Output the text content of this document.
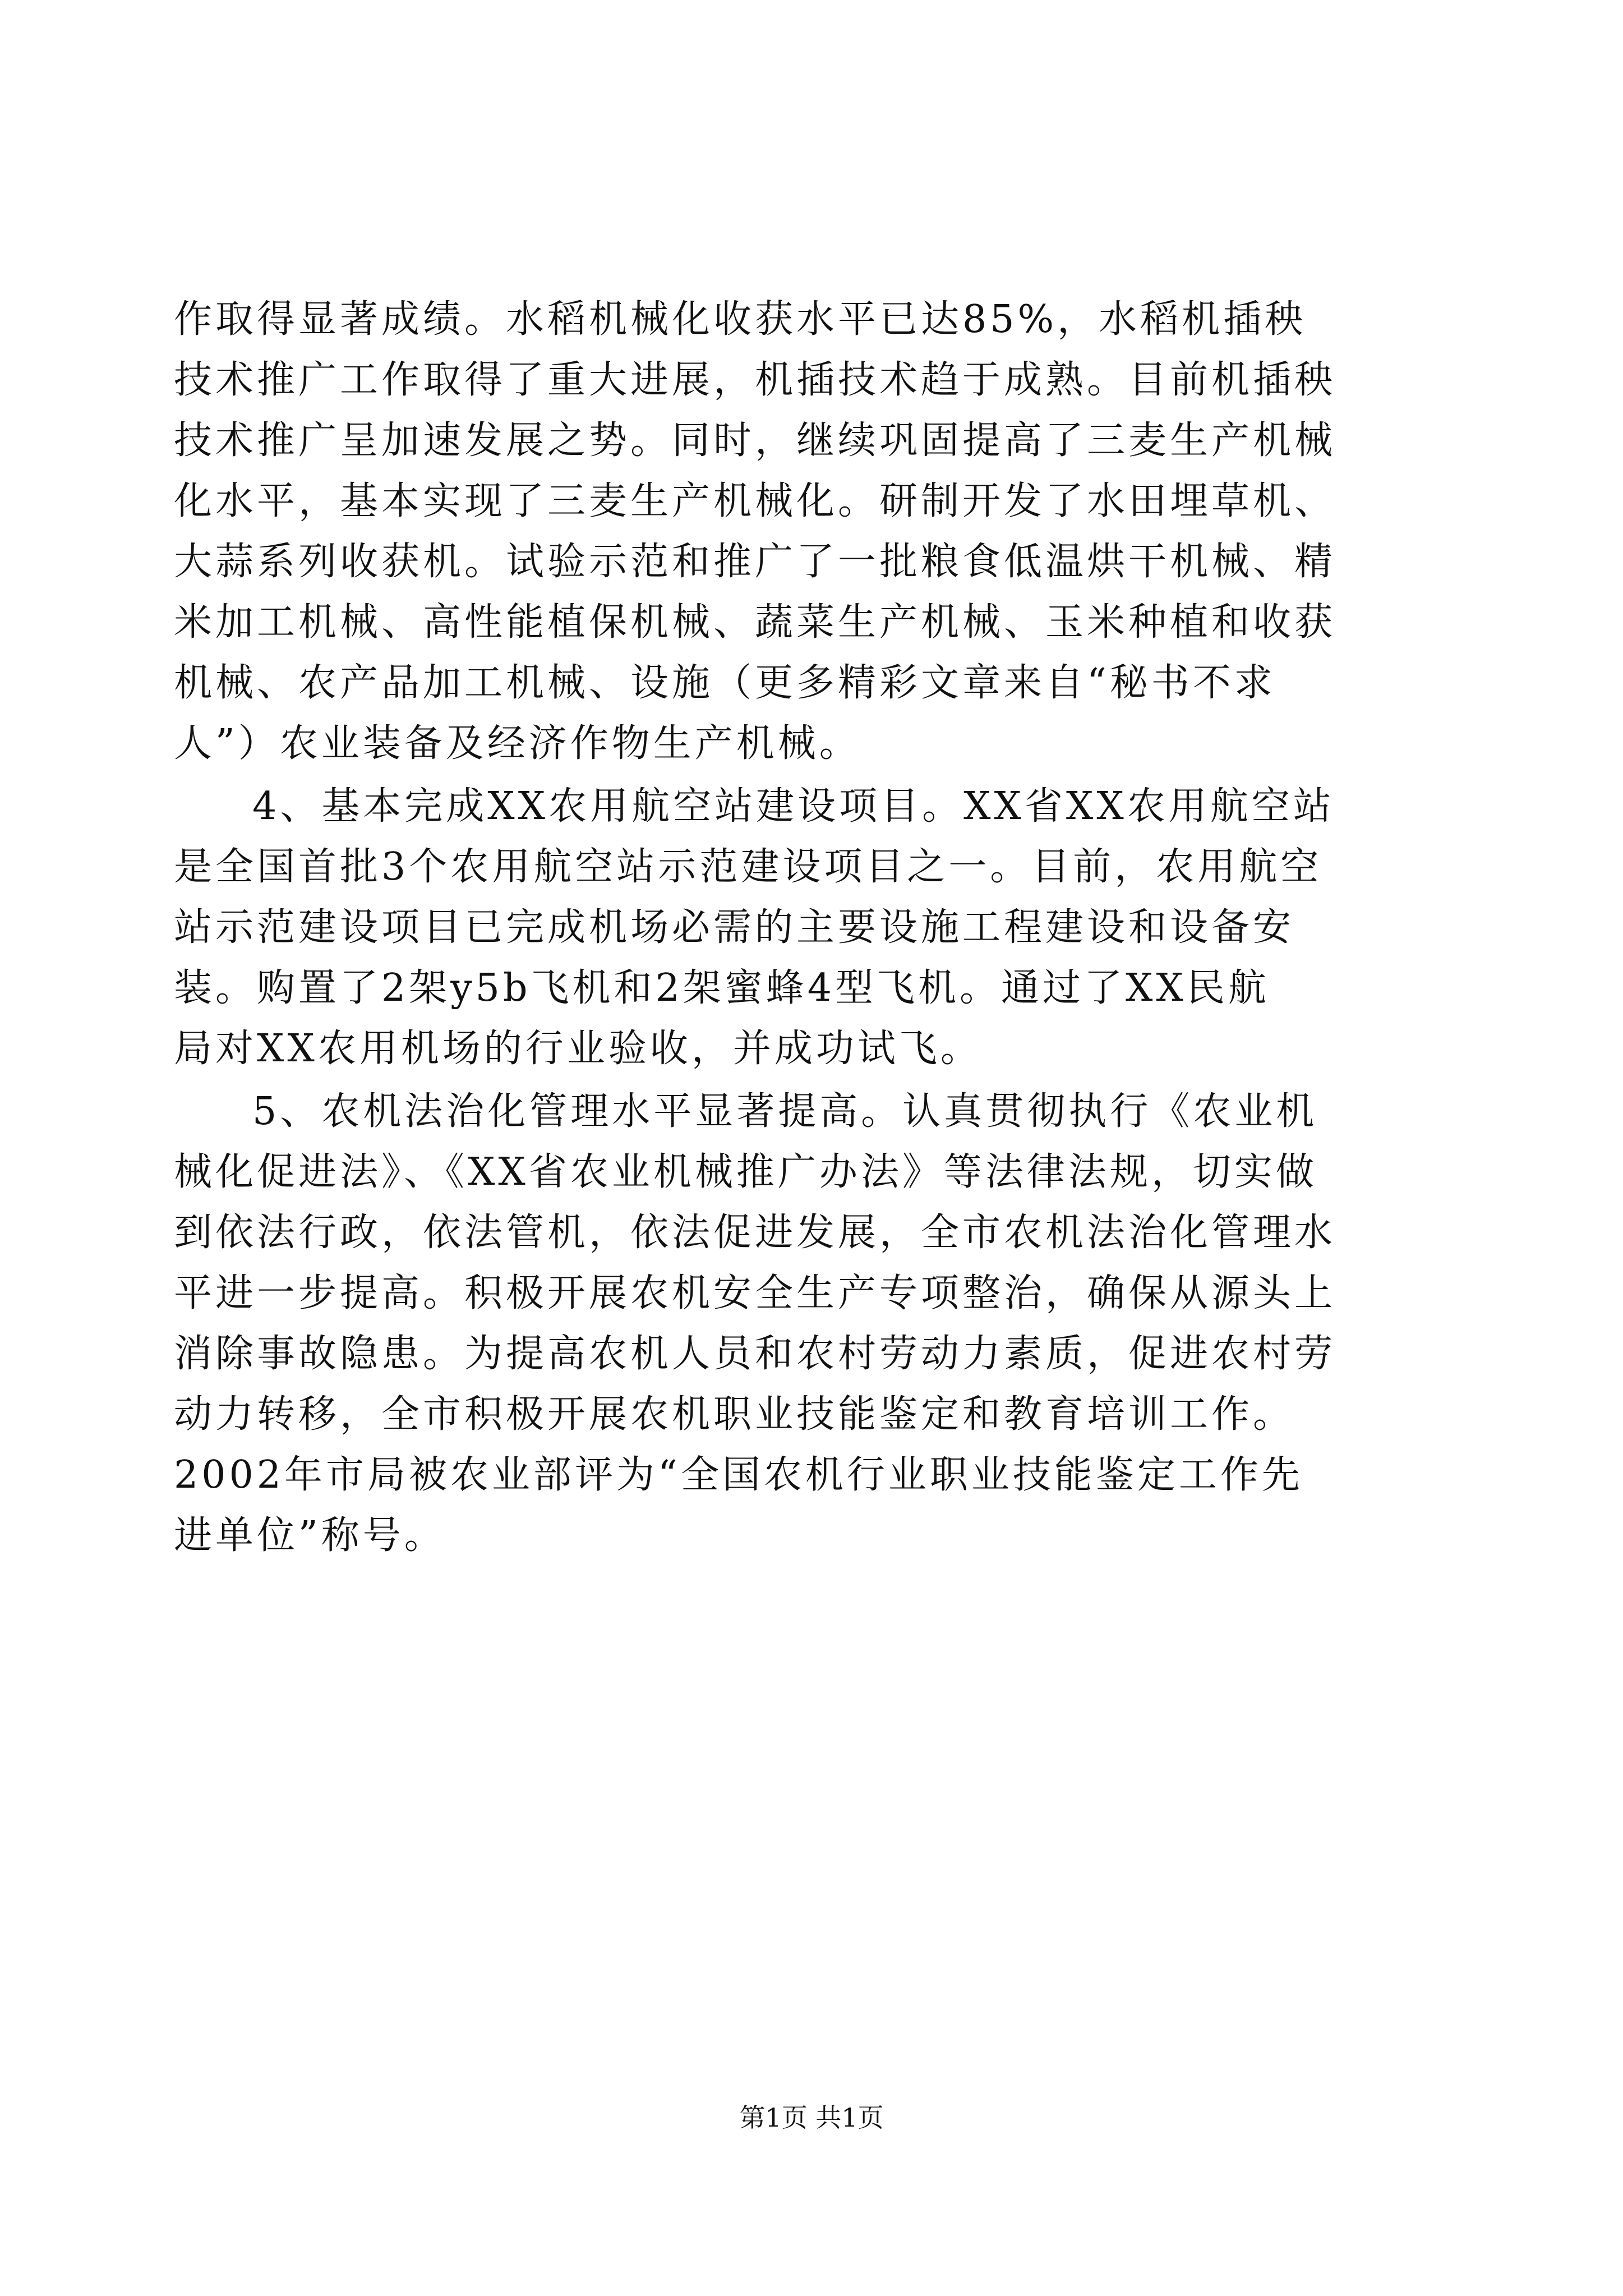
作取得显著成绩。水稻机械化收获水平已达85%，水稻机插秧
技术推广工作取得了重大进展，机插技术趋于成熟。目前机插秧
技术推广呈加速发展之势。同时，继续巩固提高了三麦生产机械
化水平，基本实现了三麦生产机械化。研制开发了水田埋草机、
大蒜系列收获机。试验示范和推广了一批粮食低温烘干机械、精
米加工机械、高性能植保机械、蔬菜生产机械、玉米种植和收获
机械、农产品加工机械、设施（更多精彩文章来自“秘书不求
人”）农业装备及经济作物生产机械。
4、基本完成XX农用航空站建设项目。XX省XX农用航空站
是全国首批3个农用航空站示范建设项目之一。目前，农用航空
站示范建设项目已完成机场必需的主要设施工程建设和设备安
装。购置了2架y5b飞机和2架蜜蜂4型飞机。通过了XX民航
局对XX农用机场的行业验收，并成功试飞。
5、农机法治化管理水平显著提高。认真贯彻执行《农业机
械化促进法》、《XX省农业机械推广办法》等法律法规，切实做
到依法行政，依法管机，依法促进发展，全市农机法治化管理水
平进一步提高。积极开展农机安全生产专项整治，确保从源头上
消除事故隐患。为提高农机人员和农村劳动力素质，促进农村劳
动力转移，全市积极开展农机职业技能鉴定和教育培训工作。
2002年市局被农业部评为“全国农机行业职业技能鉴定工作先
进单位”称号。
第1页 共1页
